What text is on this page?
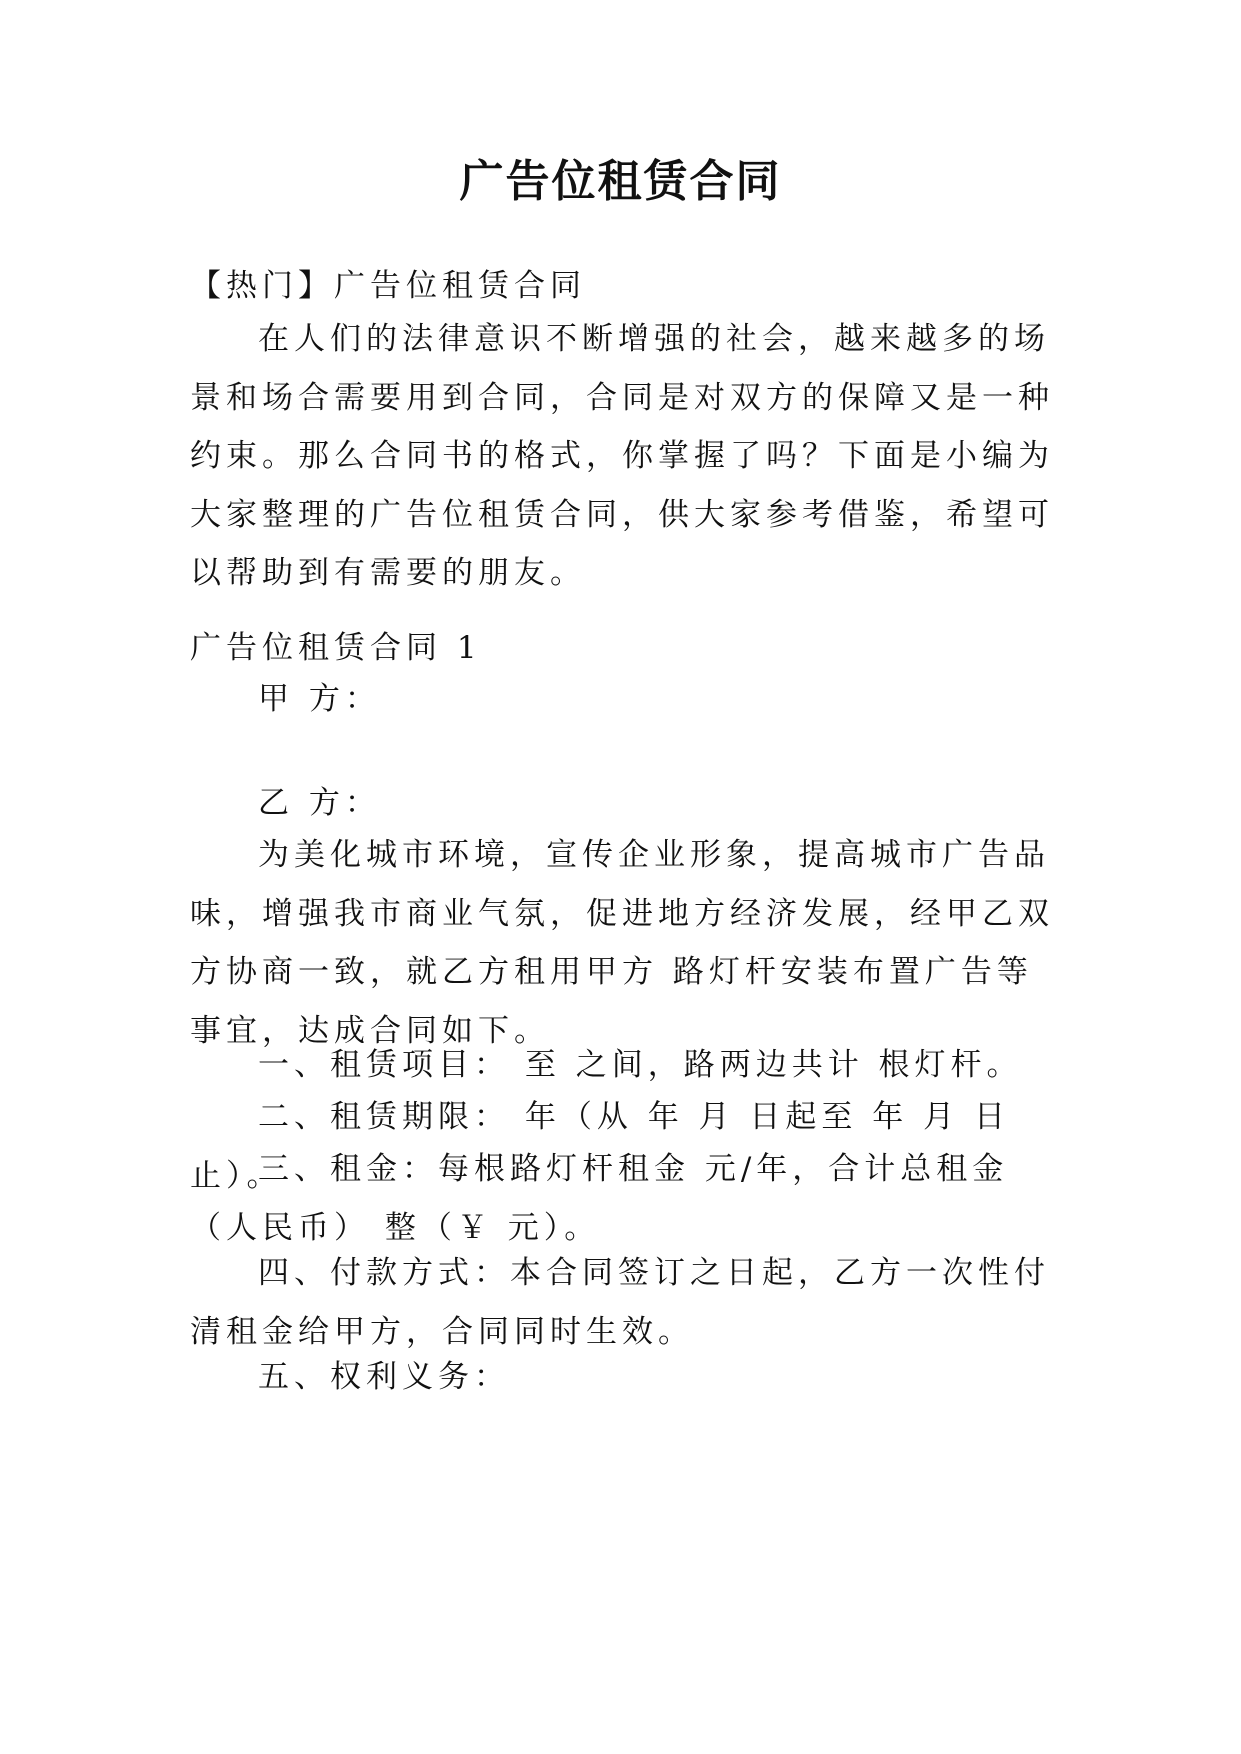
广告位租赁合同

【热门】广告位租赁合同

在人们的法律意识不断增强的社会，越来越多的场景和场合需要用到合同，合同是对双方的保障又是一种约束。那么合同书的格式，你掌握了吗？下面是小编为大家整理的广告位租赁合同，供大家参考借鉴，希望可以帮助到有需要的朋友。

广告位租赁合同 1

甲 方：

乙 方：

为美化城市环境，宣传企业形象，提高城市广告品味，增强我市商业气氛，促进地方经济发展，经甲乙双方协商一致，就乙方租用甲方 路灯杆安装布置广告等事宜，达成合同如下。

一、租赁项目： 至 之间，路两边共计 根灯杆。

二、租赁期限： 年（从 年 月 日起至 年 月 日止）。

三、租金：每根路灯杆租金 元/年，合计总租金（人民币） 整（￥ 元）。

四、付款方式：本合同签订之日起，乙方一次性付清租金给甲方，合同同时生效。

五、权利义务：
